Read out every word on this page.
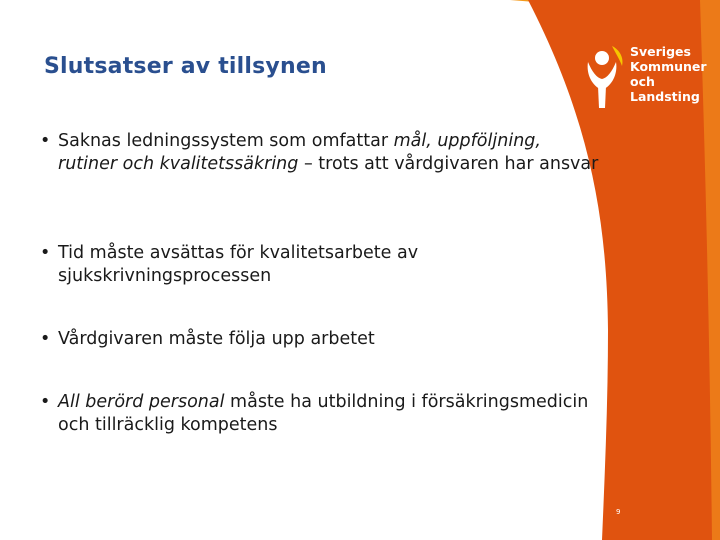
Slutsatser av tillsynen
Sveriges
Kommuner
och Landsting
• Saknas ledningssystem som omfattar mål, uppföljning, rutiner och kvalitetssäkring – trots att vårdgivaren har ansvar
• Tid måste avsättas för kvalitetsarbete av sjukskrivningsprocessen
• Vårdgivaren måste följa upp arbetet
• All berörd personal måste ha utbildning i försäkringsmedicin och tillräcklig kompetens
9
